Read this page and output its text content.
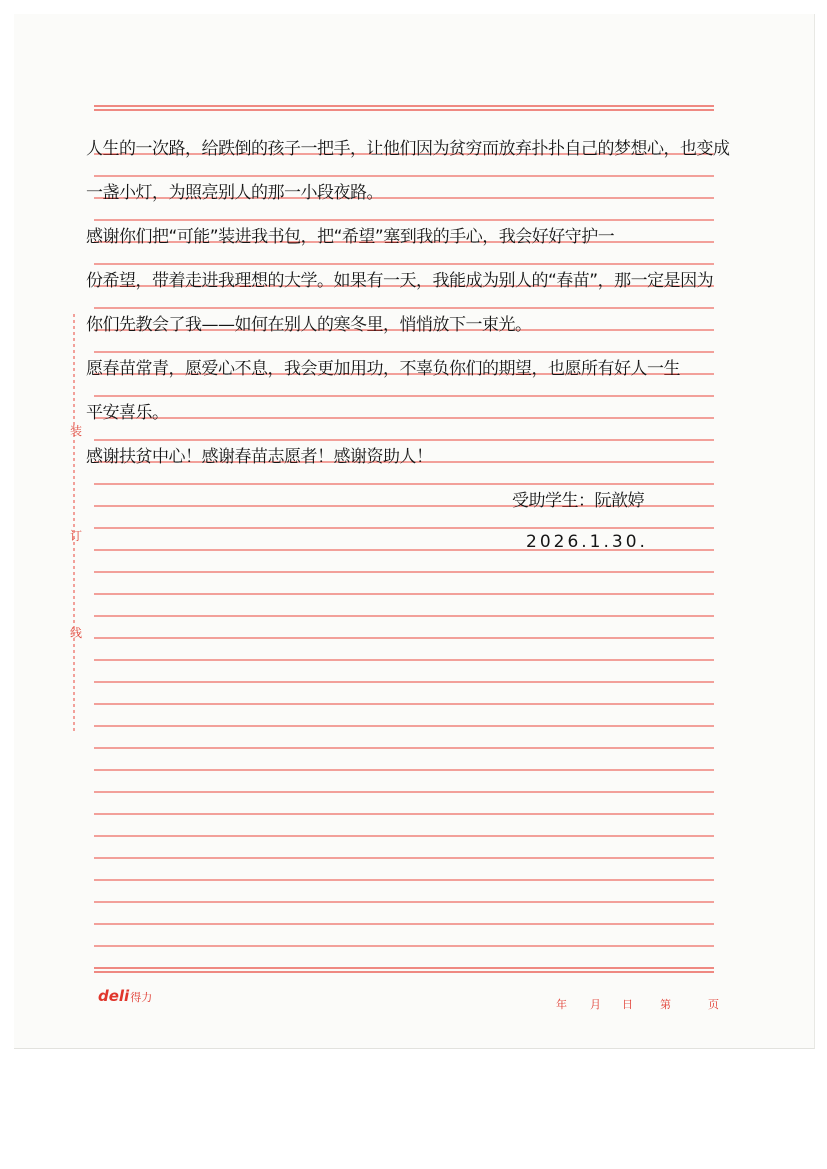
装
订
线
人生的一次路，给跌倒的孩子一把手，让他们因为贫穷而放弃扑扑自己的梦想心，也变成
一盏小灯，为照亮别人的那一小段夜路。
感谢你们把“可能”装进我书包，把“希望”塞到我的手心，我会好好守护一
份希望，带着走进我理想的大学。如果有一天，我能成为别人的“春苗”，那一定是因为
你们先教会了我——如何在别人的寒冬里，悄悄放下一束光。
愿春苗常青，愿爱心不息，我会更加用功，不辜负你们的期望，也愿所有好人一生
平安喜乐。
感谢扶贫中心！感谢春苗志愿者！感谢资助人！
受助学生：阮歆婷
2026.1.30.
deli 得力
年 月 日 第	页
